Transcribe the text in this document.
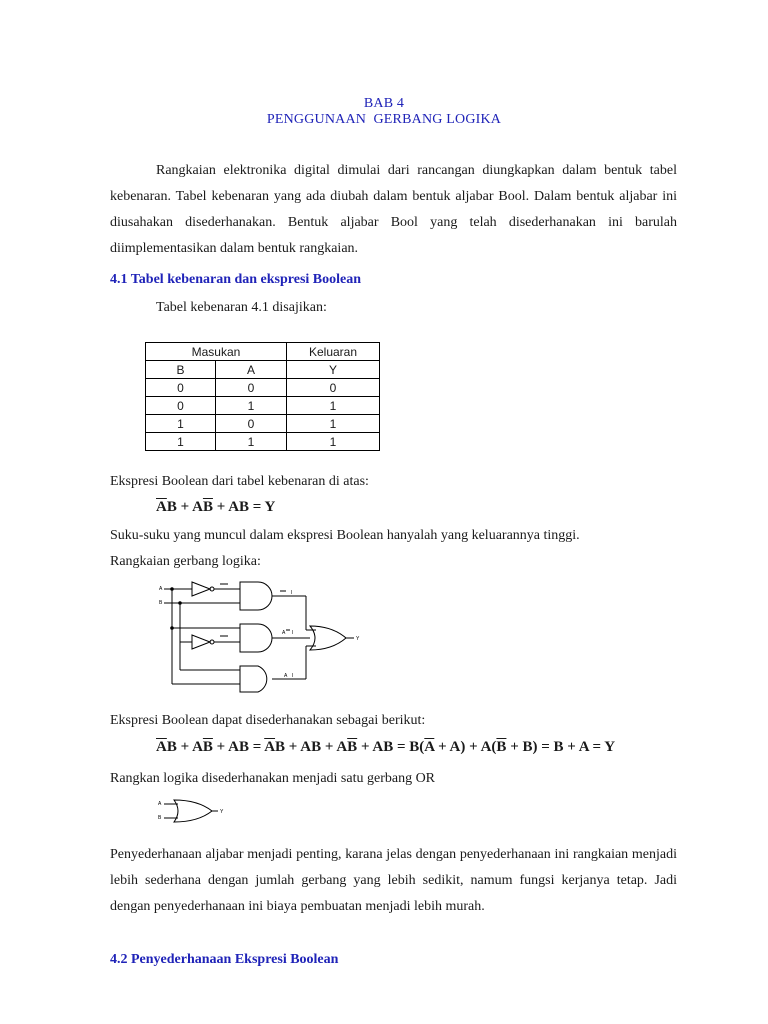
BAB 4
PENGGUNAAN  GERBANG LOGIKA
Rangkaian elektronika digital dimulai dari rancangan diungkapkan dalam bentuk tabel kebenaran. Tabel kebenaran yang ada diubah dalam bentuk aljabar Bool. Dalam bentuk aljabar ini diusahakan disederhanakan. Bentuk aljabar Bool yang telah disederhanakan ini barulah diimplementasikan dalam bentuk rangkaian.
4.1 Tabel kebenaran dan ekspresi Boolean
Tabel kebenaran 4.1 disajikan:
Masukan		Keluaran
B	A	Y
0	0	0
0	1	1
1	0	1
1	1	1
Ekspresi Boolean dari tabel kebenaran di atas:
$\overline{A}B + A\overline{B}$ + AB = Y
Suku-suku yang muncul dalam ekspresi Boolean hanyalah yang keluarannya tinggi.
Rangkaian gerbang logika:
A
B
I
A I
A I
Y
Ekspresi Boolean dapat disederhanakan sebagai berikut:
$\overline{A}B + A\overline{B}$ + AB = $\overline{A}B$ + AB + $A\overline{B}$ + AB = $B(\overline{A} + A) + A(\overline{B} + B) = B + A = Y$
Rangkan logika disederhanakan menjadi satu gerbang OR
A
B
Y
Penyederhanaan aljabar menjadi penting, karana jelas dengan penyederhanaan ini rangkaian menjadi lebih sederhana dengan jumlah gerbang yang lebih sedikit, namum fungsi kerjanya tetap. Jadi dengan penyederhanaan ini biaya pembuatan menjadi lebih murah.
4.2 Penyederhanaan Ekspresi Boolean
